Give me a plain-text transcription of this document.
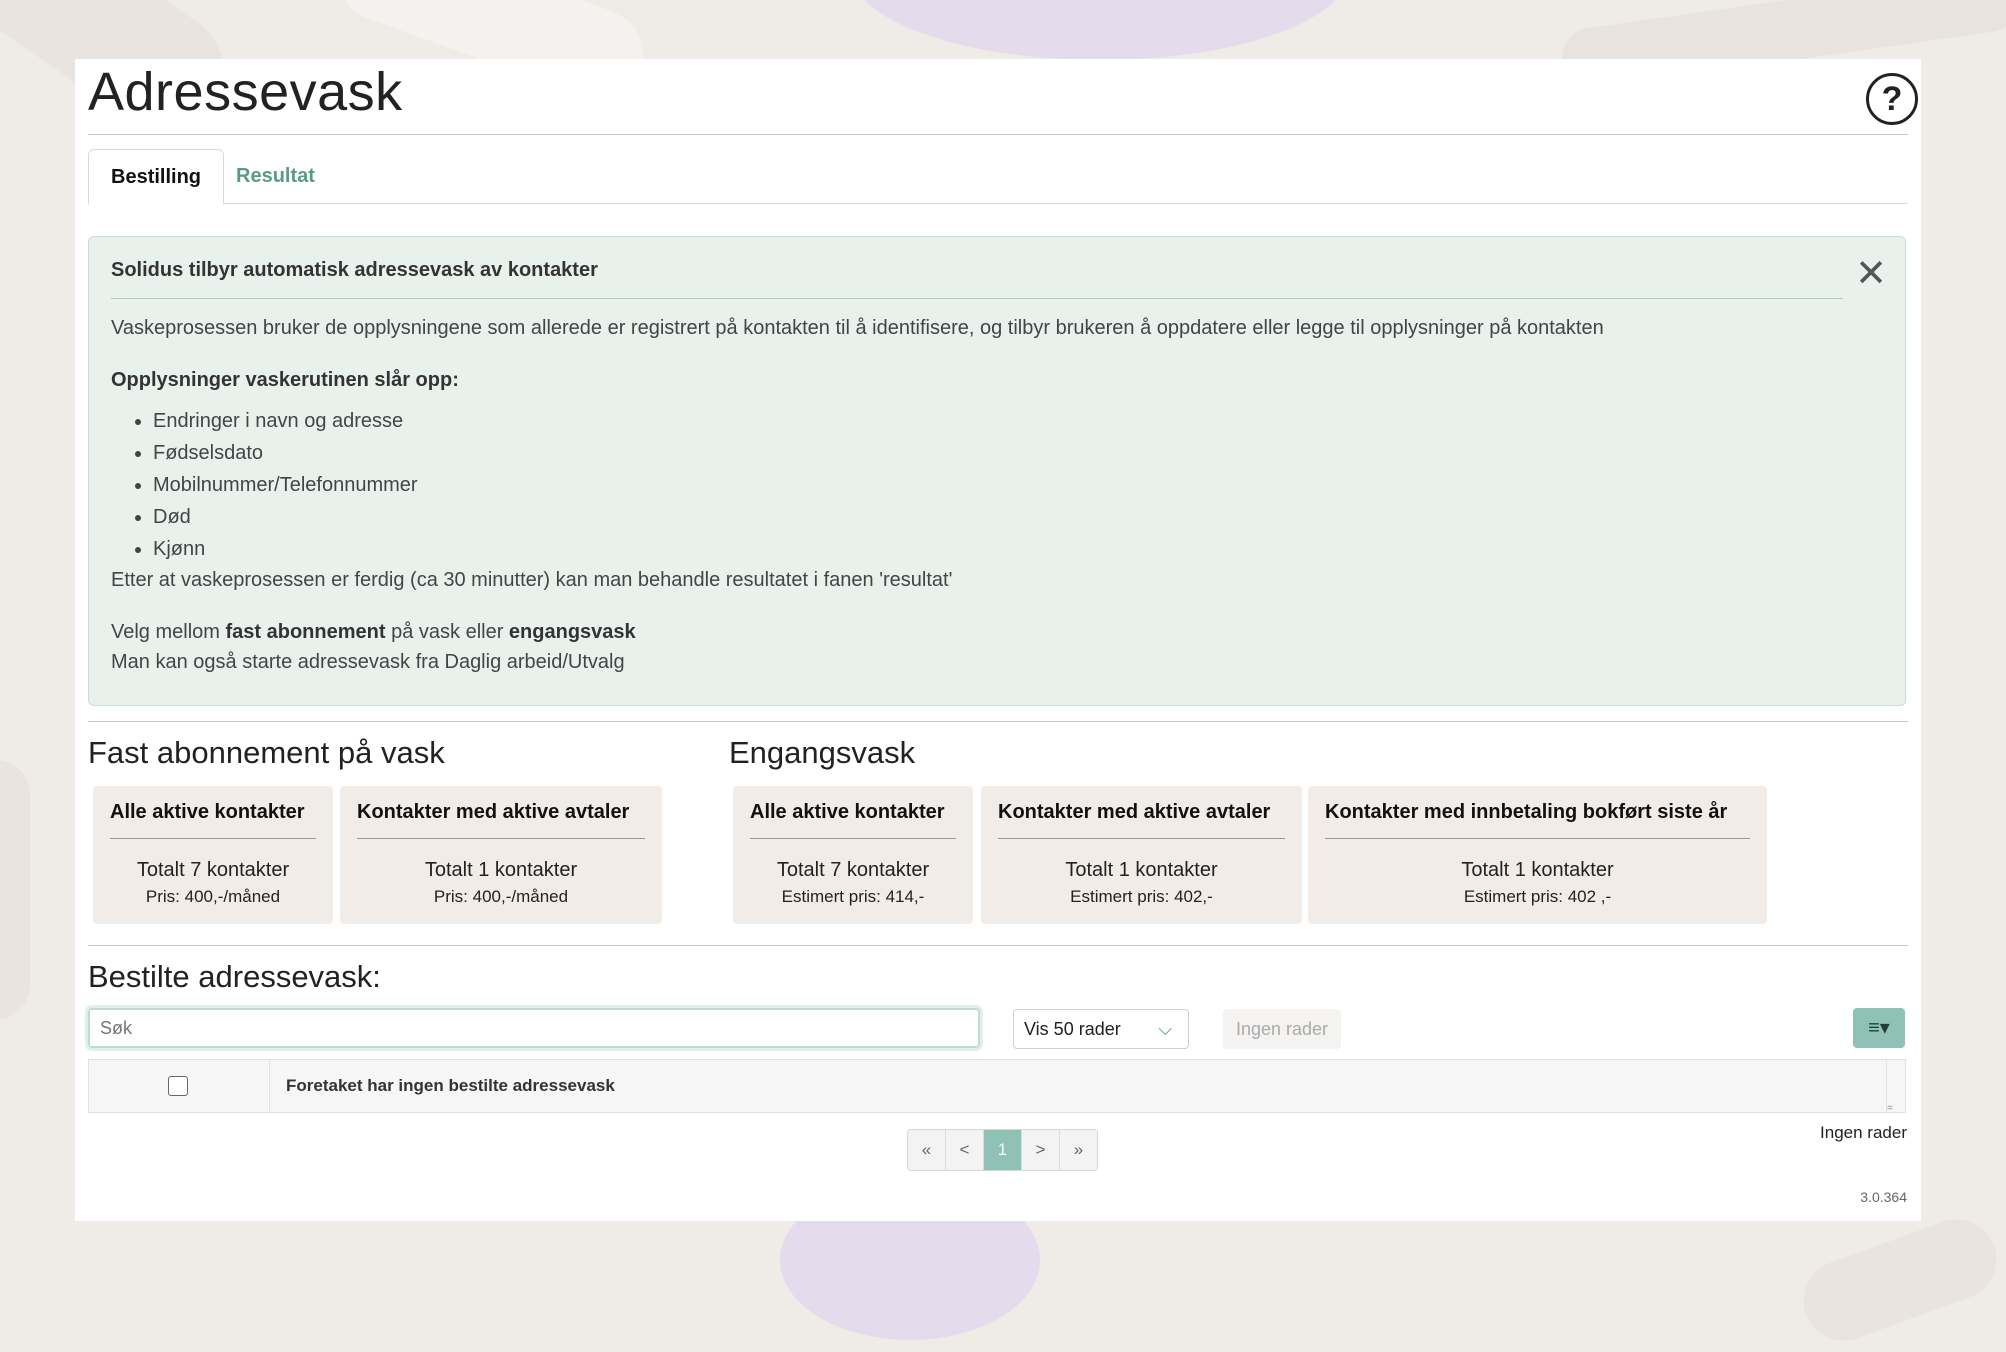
Adressevask	?
Bestilling	Resultat
✕

Solidus tilbyr automatisk adressevask av kontakter

Vaskeprosessen bruker de opplysningene som allerede er registrert på kontakten til å identifisere, og tilbyr brukeren å oppdatere eller legge til opplysninger på kontakten

Opplysninger vaskerutinen slår opp:

• Endringer i navn og adresse
• Fødselsdato
• Mobilnummer/Telefonnummer
• Død
• Kjønn

Etter at vaskeprosessen er ferdig (ca 30 minutter) kan man behandle resultatet i fanen 'resultat'

Velg mellom fast abonnement på vask eller engangsvask

Man kan også starte adressevask fra Daglig arbeid/Utvalg

Fast abonnement på vask	Engangsvask
Alle aktive kontakter
Totalt 7 kontakter
Pris: 400,-/måned
Kontakter med aktive avtaler
Totalt 1 kontakter
Pris: 400,-/måned
Alle aktive kontakter
Totalt 7 kontakter
Estimert pris: 414,-
Kontakter med aktive avtaler
Totalt 1 kontakter
Estimert pris: 402,-
Kontakter med innbetaling bokført siste år
Totalt 1 kontakter
Estimert pris: 402 ,-
Bestilte adressevask:
Søk
Vis 50 rader ⌵	Ingen rader	≡▾
Foretaket har ingen bestilte adressevask
=
«	<	1	>	»
Ingen rader
3.0.364
